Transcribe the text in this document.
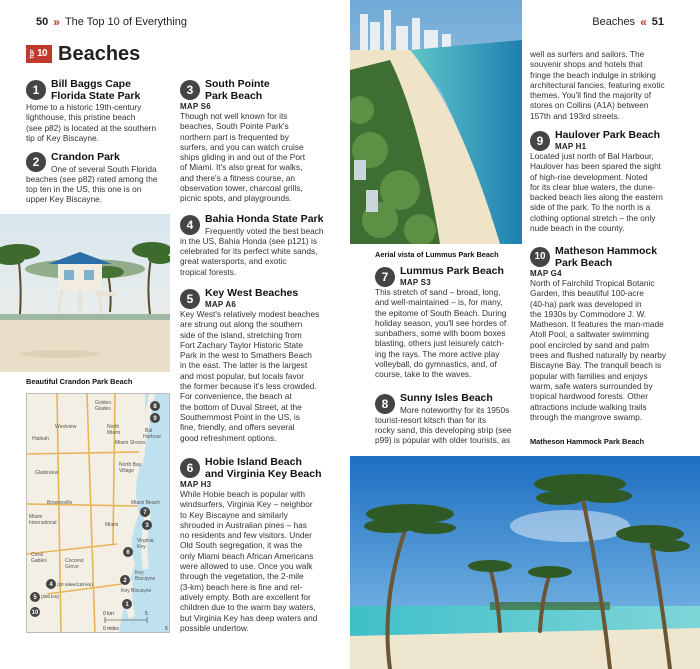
50 » The Top 10 of Everything	Beaches « 51
TOP 10 Beaches
1	Bill Baggs Cape
Florida State Park
Home to a historic 19th-century
lighthouse, this pristine beach
(see p82) is located at the southern
tip of Key Biscayne.
2	Crandon Park
One of several South Florida
beaches (see p82) rated among the
top ten in the US, this one is on
upper Key Biscayne.
Beautiful Crandon Park Beach
Golden
Glades
Westview	North
Miami	Bal
Harbour
Miami Shores
Hialeah
North Bay
Village
Gladeview
Miami Beach
Brownsville
Miami
International	Miami
Virginia
Key
Coral
Gables	Coconut
Grove
Key
Biscayne
Key Biscayne
8
9
7
3
6
1
2
4
5
10
(250 km)
(20 miles/130 km)
0 km	5
0 miles	5
3	South Pointe
Park Beach
MAP S6
Though not well known for its
beaches, South Pointe Park's
northern part is frequented by
surfers, and you can watch cruise
ships gliding in and out of the Port
of Miami. It's also great for walks,
and there's a fitness course, an
observation tower, charcoal grills,
picnic spots, and playgrounds.
4	Bahia Honda State Park
Frequently voted the best beach
in the US, Bahia Honda (see p121) is
celebrated for its perfect white sands,
great watersports, and exotic
tropical forests.
5	Key West Beaches
MAP A6
Key West's relatively modest beaches
are strung out along the southern
side of the island, stretching from
Fort Zachary Taylor Historic State
Park in the west to Smathers Beach
in the east. The latter is the largest
and most popular, but locals favor
the former because it's less crowded.
For convenience, the beach at
the bottom of Duval Street, at the
Southernmost Point in the US, is
fine, friendly, and offers several
good refreshment options.
6	Hobie Island Beach
and Virginia Key Beach
MAP H3
While Hobie beach is popular with
windsurfers, Virginia Key – neighbor
to Key Biscayne and similarly
shrouded in Australian pines – has
no residents and few visitors. Under
Old South segregation, it was the
only Miami beach African Americans
were allowed to use. Once you walk
through the vegetation, the 2-mile
(3-km) beach here is fine and rel-
atively empty. Both are excellent for
children due to the warm bay waters,
but Virginia Key has deep waters and
possible undertow.
Aerial vista of Lummus Park Beach
7	Lummus Park Beach
MAP S3
This stretch of sand – broad, long,
and well-maintained – is, for many,
the epitome of South Beach. During
holiday season, you'll see hordes of
sunbathers, some with boom boxes
blasting, others just leisurely catch-
ing the rays. The more active play
volleyball, do gymnastics, and, of
course, take to the waves.
8	Sunny Isles Beach
More noteworthy for its 1950s
tourist-resort kitsch than for its
rocky sand, this developing strip (see
p99) is popular with older tourists, as
well as surfers and sailors. The
souvenir shops and hotels that
fringe the beach indulge in striking
architectural fancies, featuring exotic
themes. You'll find the majority of
stores on Collins (A1A) between
157th and 193rd streets.
9	Haulover Park Beach
MAP H1
Located just north of Bal Harbour,
Haulover has been spared the sight
of high-rise development. Noted
for its clear blue waters, the dune-
backed beach lies along the eastern
side of the park. To the north is a
clothing optional stretch – the only
nude beach in the county.
10 Matheson Hammock
Park Beach
MAP G4
North of Fairchild Tropical Botanic
Garden, this beautiful 100-acre
(40-ha) park was developed in
the 1930s by Commodore J. W.
Matheson. It features the man-made
Atoll Pool, a saltwater swimming
pool encircled by sand and palm
trees and flushed naturally by nearby
Biscayne Bay. The tranquil beach is
popular with families and enjoys
warm, safe waters surrounded by
tropical hardwood forests. Other
attractions include walking trails
through the mangrove swamp.
Matheson Hammock Park Beach
